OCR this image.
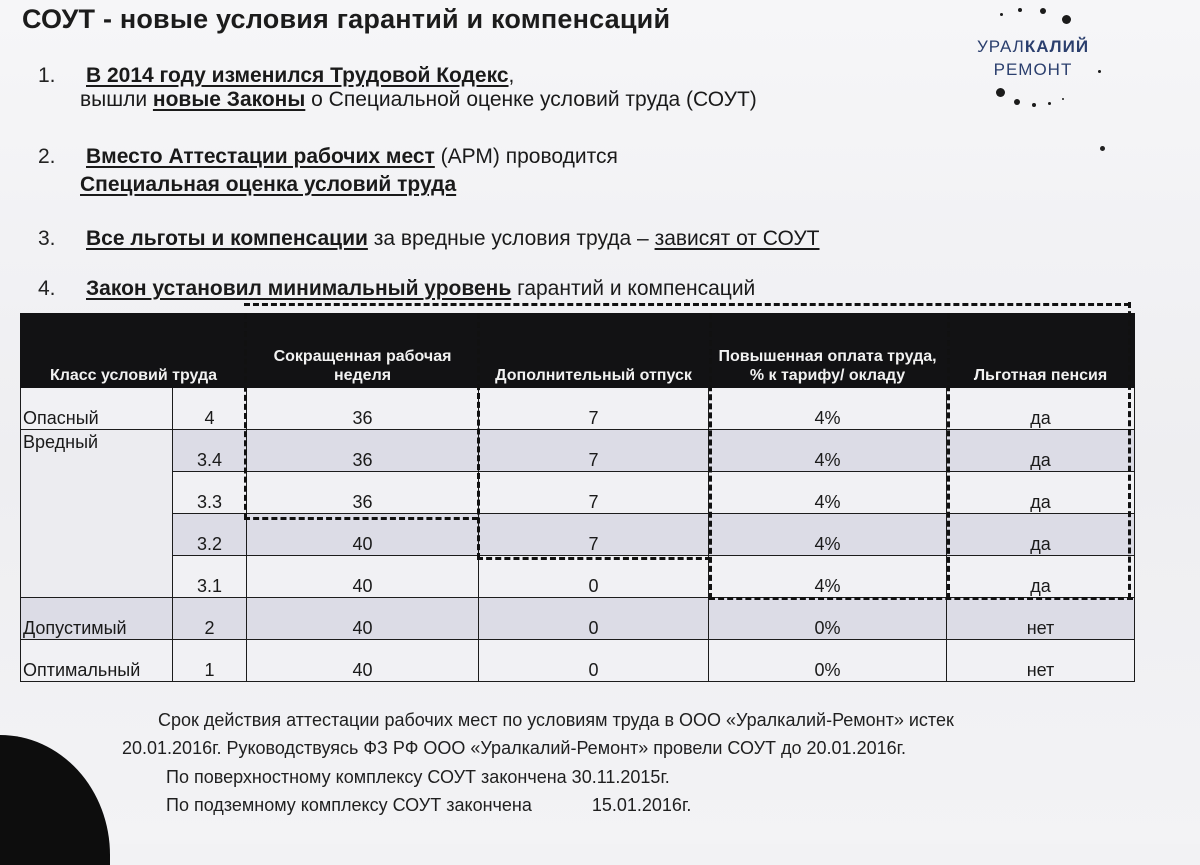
СОУТ - новые условия гарантий и компенсаций
УРАЛКАЛИЙ
РЕМОНТ
1. В 2014 году изменился Трудовой Кодекс,
вышли новые Законы о Специальной оценке условий труда (СОУТ)
2. Вместо Аттестации рабочих мест (АРМ) проводится
Специальная оценка условий труда
3. Все льготы и компенсации за вредные условия труда – зависят от СОУТ
4. Закон установил минимальный уровень гарантий и компенсаций
Класс условий труда		Сокращенная рабочая неделя	Дополнительный отпуск	Повышенная оплата труда, % к тарифу/ окладу	Льготная пенсия
Опасный	4	36	7	4%	да
Вредный	3.4	36	7	4%	да
	3.3	36	7	4%	да
	3.2	40	7	4%	да
	3.1	40	0	4%	да
Допустимый	2	40	0	0%	нет
Оптимальный	1	40	0	0%	нет
Срок действия аттестации рабочих мест по условиям труда в ООО «Уралкалий-Ремонт» истек
20.01.2016г. Руководствуясь ФЗ РФ ООО «Уралкалий-Ремонт» провели СОУТ до 20.01.2016г.
По поверхностному комплексу СОУТ закончена 30.11.2015г.
По подземному комплексу СОУТ закончена	15.01.2016г.
